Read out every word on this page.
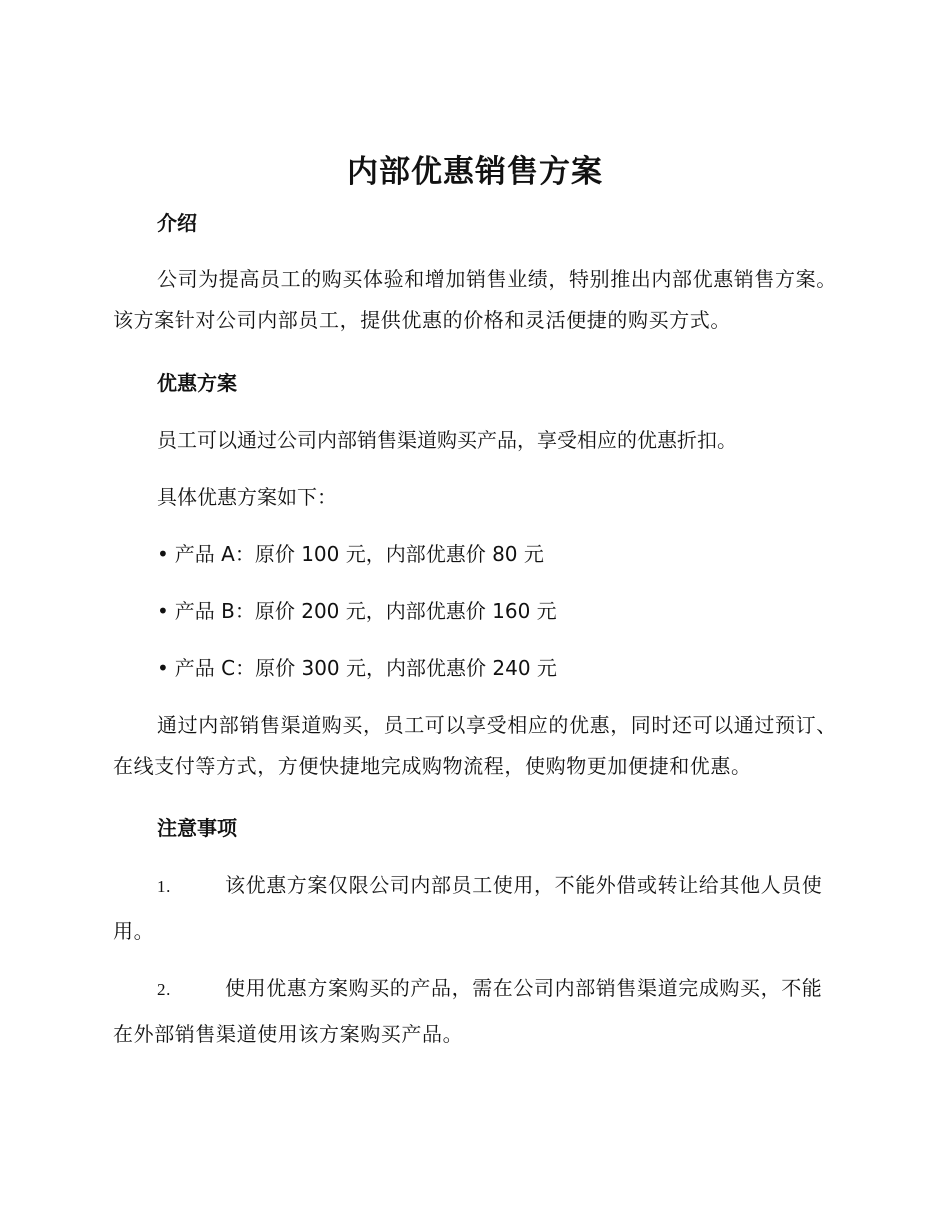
内部优惠销售方案
介绍
公司为提高员工的购买体验和增加销售业绩，特别推出内部优惠销售方案。该方案针对公司内部员工，提供优惠的价格和灵活便捷的购买方式。
优惠方案
员工可以通过公司内部销售渠道购买产品，享受相应的优惠折扣。
具体优惠方案如下：
• 产品 A：原价 100 元，内部优惠价 80 元
• 产品 B：原价 200 元，内部优惠价 160 元
• 产品 C：原价 300 元，内部优惠价 240 元
通过内部销售渠道购买，员工可以享受相应的优惠，同时还可以通过预订、在线支付等方式，方便快捷地完成购物流程，使购物更加便捷和优惠。
注意事项
1.	该优惠方案仅限公司内部员工使用，不能外借或转让给其他人员使用。
2.	使用优惠方案购买的产品，需在公司内部销售渠道完成购买，不能在外部销售渠道使用该方案购买产品。
